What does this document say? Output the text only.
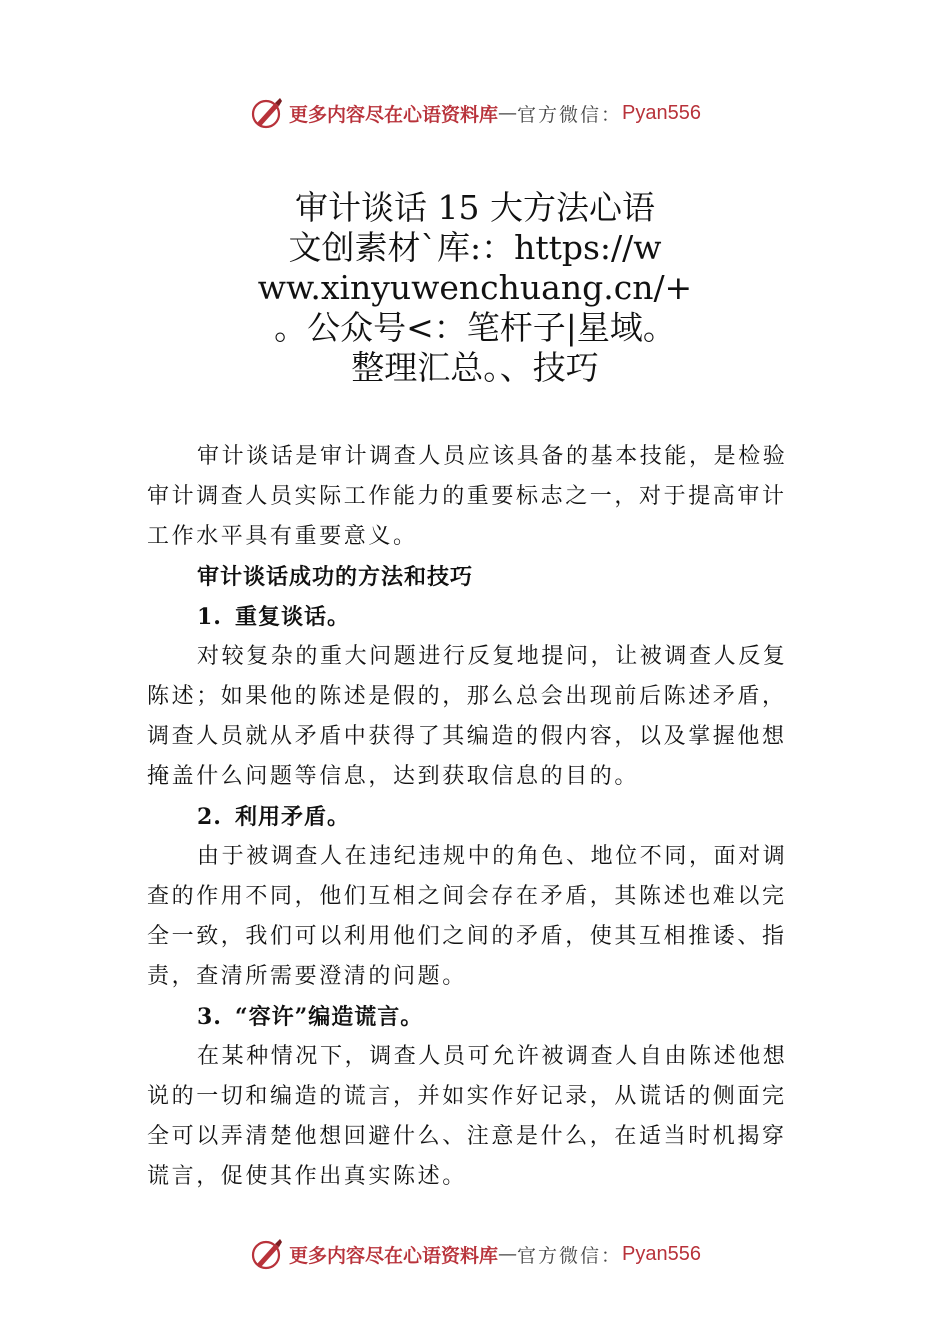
更多内容尽在心语资料库 — 官方微信： Pyan556
审计谈话 15 大方法心语
文创素材`库:：https://w
ww.xinyuwenchuang.cn/+
。公众号<：笔杆子|星域。
整理汇总。、技巧

审计谈话是审计调查人员应该具备的基本技能，是检验审计调查人员实际工作能力的重要标志之一，对于提高审计工作水平具有重要意义。

审计谈话成功的方法和技巧

1. 重复谈话。

对较复杂的重大问题进行反复地提问，让被调查人反复陈述；如果他的陈述是假的，那么总会出现前后陈述矛盾， 调查人员就从矛盾中获得了其编造的假内容，以及掌握他想掩盖什么问题等信息，达到获取信息的目的。

2. 利用矛盾。

由于被调查人在违纪违规中的角色、地位不同，面对调查的作用不同，他们互相之间会存在矛盾，其陈述也难以完全一致，我们可以利用他们之间的矛盾，使其互相推诿、指责，查清所需要澄清的问题。

3. “容许”编造谎言。

在某种情况下，调查人员可允许被调查人自由陈述他想说的一切和编造的谎言，并如实作好记录，从谎话的侧面完全可以弄清楚他想回避什么、注意是什么，在适当时机揭穿谎言，促使其作出真实陈述。

更多内容尽在心语资料库 — 官方微信： Pyan556
